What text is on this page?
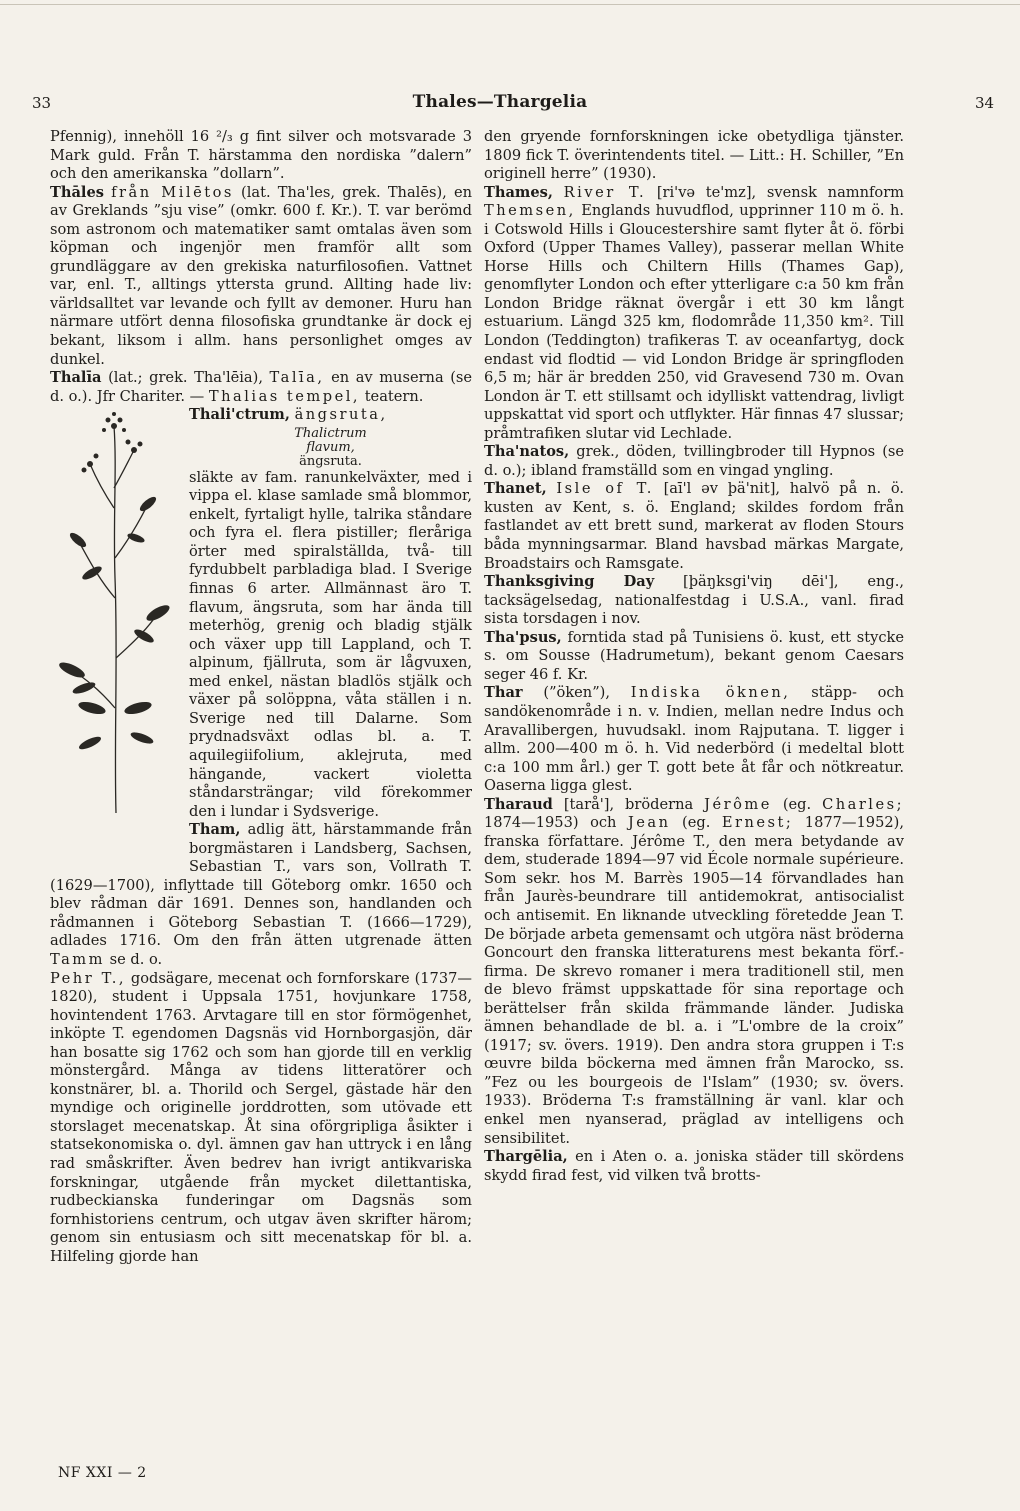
33	Thales—Thargelia	34

Pfennig), innehöll 16 ²/₃ g fint silver och motsvarade 3 Mark guld. Från T. härstamma den nordiska ”dalern” och den amerikanska ”dollarn”.

Thāles från Milētos (lat. Tha'les, grek. Thalēs), en av Greklands ”sju vise” (omkr. 600 f. Kr.). T. var berömd som astronom och matematiker samt omtalas även som köpman och ingenjör men framför allt som grundläggare av den grekiska naturfilosofien. Vattnet var, enl. T., alltings yttersta grund. Allting hade liv: världsalltet var levande och fyllt av demoner. Huru han närmare utfört denna filosofiska grundtanke är dock ej bekant, liksom i allm. hans personlighet omges av dunkel.

Thalīa (lat.; grek. Tha'lēia), Talīa, en av muserna (se d. o.). Jfr Chariter. — Thalias tempel, teatern.

Thali'ctrum, ängsruta,

Thalictrum
flavum,
ängsruta.
släkte av fam. ranunkelväxter, med i vippa el. klase samlade små blommor, enkelt, fyrtaligt hylle, talrika ståndare och fyra el. flera pistiller; fleråriga örter med spiralställda, två- till fyrdubbelt parbladiga blad. I Sverige finnas 6 arter. Allmännast äro T. flavum, ängsruta, som har ända till meterhög, grenig och bladig stjälk och växer upp till Lappland, och T. alpinum, fjällruta, som är lågvuxen, med enkel, nästan bladlös stjälk och växer på solöppna, våta ställen i n. Sverige ned till Dalarne. Som prydnadsväxt odlas bl. a. T. aquilegiifolium, aklejruta, med hängande, vackert violetta ståndarsträngar; vild förekommer den i lundar i Sydsverige.

Tham, adlig ätt, härstammande från borgmästaren i Landsberg, Sachsen, Sebastian T., vars son, Vollrath T. (1629—1700), inflyttade till Göteborg omkr. 1650 och blev rådman där 1691. Dennes son, handlanden och rådmannen i Göteborg Sebastian T. (1666—1729), adlades 1716. Om den från ätten utgrenade ätten Tamm se d. o.

Pehr T., godsägare, mecenat och fornforskare (1737—1820), student i Uppsala 1751, hovjunkare 1758, hovintendent 1763. Arvtagare till en stor förmögenhet, inköpte T. egendomen Dagsnäs vid Hornborgasjön, där han bosatte sig 1762 och som han gjorde till en verklig mönstergård. Många av tidens litteratörer och konstnärer, bl. a. Thorild och Sergel, gästade här den myndige och originelle jorddrotten, som utövade ett storslaget mecenatskap. Åt sina oförgripliga åsikter i statsekonomiska o. dyl. ämnen gav han uttryck i en lång rad småskrifter. Även bedrev han ivrigt antikvariska forskningar, utgående från mycket dilettantiska, rudbeckianska funderingar om Dagsnäs som fornhistoriens centrum, och utgav även skrifter härom; genom sin entusiasm och sitt mecenatskap för bl. a. Hilfeling gjorde han

den gryende fornforskningen icke obetydliga tjänster. 1809 fick T. överintendents titel. — Litt.: H. Schiller, ”En originell herre” (1930).

Thames, River T. [ri'və te'mz], svensk namnform Themsen, Englands huvudflod, upprinner 110 m ö. h. i Cotswold Hills i Gloucestershire samt flyter åt ö. förbi Oxford (Upper Thames Valley), passerar mellan White Horse Hills och Chiltern Hills (Thames Gap), genomflyter London och efter ytterligare c:a 50 km från London Bridge räknat övergår i ett 30 km långt estuarium. Längd 325 km, flodområde 11,350 km². Till London (Teddington) trafikeras T. av oceanfartyg, dock endast vid flodtid — vid London Bridge är springfloden 6,5 m; här är bredden 250, vid Gravesend 730 m. Ovan London är T. ett stillsamt och idylliskt vattendrag, livligt uppskattat vid sport och utflykter. Här finnas 47 slussar; pråmtrafiken slutar vid Lechlade.

Tha'natos, grek., döden, tvillingbroder till Hypnos (se d. o.); ibland framställd som en vingad yngling.

Thanet, Isle of T. [aī'l əv þä'nit], halvö på n. ö. kusten av Kent, s. ö. England; skildes fordom från fastlandet av ett brett sund, markerat av floden Stours båda mynningsarmar. Bland havsbad märkas Margate, Broadstairs och Ramsgate.

Thanksgiving Day [þäŋksgi'viŋ dēi'], eng., tacksägelsedag, nationalfestdag i U.S.A., vanl. firad sista torsdagen i nov.

Tha'psus, forntida stad på Tunisiens ö. kust, ett stycke s. om Sousse (Hadrumetum), bekant genom Caesars seger 46 f. Kr.

Thar (”öken”), Indiska öknen, stäpp- och sandökenområde i n. v. Indien, mellan nedre Indus och Aravallibergen, huvudsakl. inom Rajputana. T. ligger i allm. 200—400 m ö. h. Vid nederbörd (i medeltal blott c:a 100 mm årl.) ger T. gott bete åt får och nötkreatur. Oaserna ligga glest.

Tharaud [tarå'], bröderna Jérôme (eg. Charles; 1874—1953) och Jean (eg. Ernest; 1877—1952), franska författare. Jérôme T., den mera betydande av dem, studerade 1894—97 vid École normale supérieure. Som sekr. hos M. Barrès 1905—14 förvandlades han från Jaurès-beundrare till antidemokrat, antisocialist och antisemit. En liknande utveckling företedde Jean T. De började arbeta gemensamt och utgöra näst bröderna Goncourt den franska litteraturens mest bekanta förf.-firma. De skrevo romaner i mera traditionell stil, men de blevo främst uppskattade för sina reportage och berättelser från skilda främmande länder. Judiska ämnen behandlade de bl. a. i ”L'ombre de la croix” (1917; sv. övers. 1919). Den andra stora gruppen i T:s œuvre bilda böckerna med ämnen från Marocko, ss. ”Fez ou les bourgeois de l'Islam” (1930; sv. övers. 1933). Bröderna T:s framställning är vanl. klar och enkel men nyanserad, präglad av intelligens och sensibilitet.

Thargēlia, en i Aten o. a. joniska städer till skördens skydd firad fest, vid vilken två brotts-

NF XXI — 2
